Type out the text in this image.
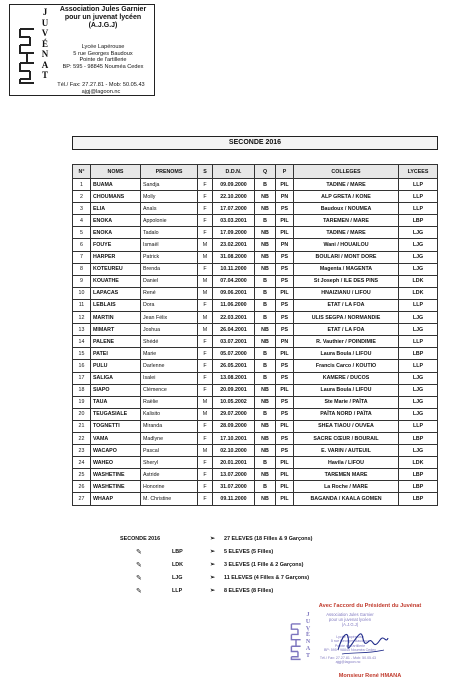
J
U
V
É
N
A
T
Association Jules Garnier
pour un juvenat lycéen
(A.J.G.J)
Lycée Lapérouse
5 rue Georges Baudoux
Pointe de l'artillerie
BP: 595 - 98845 Nouméa Cedex
Tél./ Fax: 27.27.81 - Mob: 50.05.43
ajgj@lagoon.nc
SECONDE 2016
N°	NOMS	PRENOMS	S	D.D.N.	Q	P	COLLEGES	LYCEES
1	BUAMA	Sandja	F	09.09.2000	B	PIL	TADINE / MARE	LLP
2	CHOUMANS	Molly	F	22.10.2000	NB	PN	ALP GRETA / KONE	LLP
3	ELIA	Anaïs	F	17.07.2000	NB	PS	Baudoux / NOUMEA	LLP
4	ENOKA	Appolonie	F	03.03.2001	B	PIL	TAREMEN / MARE	LBP
5	ENOKA	Tadalo	F	17.09.2000	NB	PIL	TADINE / MARE	LJG
6	FOUYE	Ismaël	M	23.02.2001	NB	PN	Wani / HOUAILOU	LJG
7	HARPER	Patrick	M	31.08.2000	NB	PS	BOULARI / MONT DORE	LJG
8	KOTEUREU	Brenda	F	10.11.2000	NB	PS	Magenta / MAGENTA	LJG
9	KOUATHE	Daniel	M	07.04.2000	B	PS	St Joseph / ILE DES PINS	LDK
10	LAPACAS	René	M	09.06.2001	B	PIL	HNAIZIANU / LIFOU	LDK
11	LEBLAIS	Dora	F	11.06.2000	B	PS	ETAT / LA FOA	LLP
12	MARTIN	Jean Félix	M	22.03.2001	B	PS	ULIS SEGPA / NORMANDIE	LJG
13	MIMART	Joshua	M	26.04.2001	NB	PS	ETAT / LA FOA	LJG
14	PALENE	Shédé	F	03.07.2001	NB	PN	R. Vauthier / POINDIMIE	LLP
15	PATEI	Marie	F	05.07.2000	B	PIL	Laura Boula / LIFOU	LBP
16	PULU	Darlenne	F	26.05.2001	B	PS	Francis Carco / KOUTIO	LLP
17	SALIGA	Isalei	F	13.08.2001	B	PS	KAMERE / DUCOS	LJG
18	SIAPO	Clémence	F	20.09.2001	NB	PIL	Laura Boula / LIFOU	LJG
19	TAUA	Raëlie	M	10.05.2002	NB	PS	Ste Marie / PAÏTA	LJG
20	TEUGASIALE	Kalisito	M	29.07.2000	B	PS	PAÏTA NORD / PAÏTA	LJG
21	TOGNETTI	Miranda	F	28.09.2000	NB	PIL	SHEA TIAOU / OUVEA	LLP
22	VAMA	Madlyne	F	17.10.2001	NB	PS	SACRE CŒUR / BOURAIL	LBP
23	WACAPO	Pascal	M	02.10.2000	NB	PS	E. VARIN / AUTEUIL	LJG
24	WAHEO	Sheryl	F	20.01.2001	B	PIL	Havila / LIFOU	LDK
25	WASHETINE	Astride	F	13.07.2000	NB	PIL	TAREMEN MARE	LBP
26	WASHETINE	Honorine	F	31.07.2000	B	PIL	La Roche / MARE	LBP
27	WHAAP	M. Christine	F	09.11.2000	NB	PIL	BAGANDA / KAALA GOMEN	LBP
SECONDE 2016	➢ 27 ELEVES (18 Filles & 9 Garçons)
✎	LBP	➢ 5 ELEVES (5 Filles)
✎	LDK	➢ 3 ELEVES (1 Fille & 2 Garçons)
✎	LJG	➢ 11 ELEVES (4 Filles & 7 Garçons)
✎	LLP	➢ 8 ELEVES (8 Filles)
Avec l'accord du Président du Juvénat
J
U
V
É
N
A
T
Association Jules Garnier
pour un juvenat lycéen
(A.J.G.J)
Lycée Lapérouse
5 rue Georges Baudoux
Pointe de l'artillerie
BP: 595 - 98845 Nouméa Cedex
Tél./ Fax: 27.27.81 - Mob: 50.05.43
ajgj@lagoon.nc
Monsieur René HMANA
